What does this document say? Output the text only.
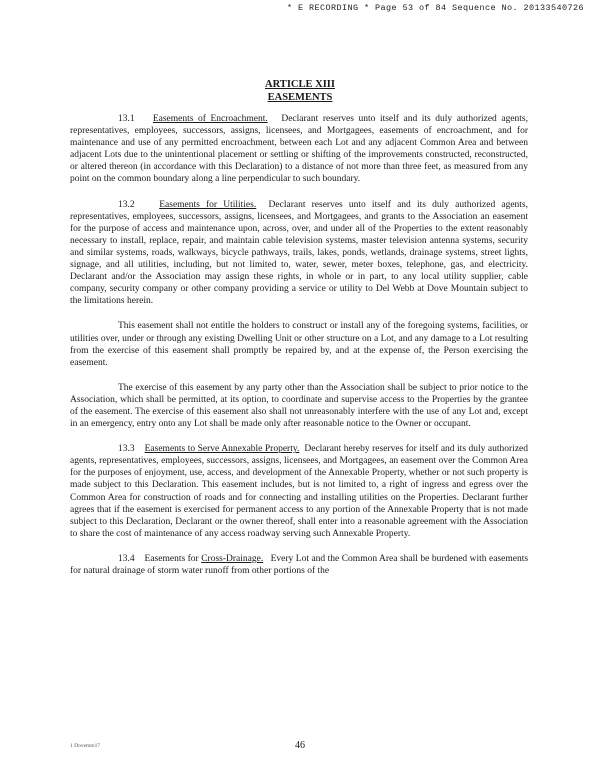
* E RECORDING * Page 53 of 84 Sequence No. 20133540726
ARTICLE XIII
EASEMENTS

13.1 Easements of Encroachment. Declarant reserves unto itself and its duly authorized agents, representatives, employees, successors, assigns, licensees, and Mortgagees, easements of encroachment, and for maintenance and use of any permitted encroachment, between each Lot and any adjacent Common Area and between adjacent Lots due to the unintentional placement or settling or shifting of the improvements constructed, reconstructed, or altered thereon (in accordance with this Declaration) to a distance of not more than three feet, as measured from any point on the common boundary along a line perpendicular to such boundary.

13.2	Easements for Utilities. Declarant reserves unto itself and its duly authorized agents, representatives, employees, successors, assigns, licensees, and Mortgagees, and grants to the Association an easement for the purpose of access and maintenance upon, across, over, and under all of the Properties to the extent reasonably necessary to install, replace, repair, and maintain cable television systems, master television antenna systems, security and similar systems, roads, walkways, bicycle pathways, trails, lakes, ponds, wetlands, drainage systems, street lights, signage, and all utilities, including, but not limited to, water, sewer, meter boxes, telephone, gas, and electricity. Declarant and/or the Association may assign these rights, in whole or in part, to any local utility supplier, cable company, security company or other company providing a service or utility to Del Webb at Dove Mountain subject to the limitations herein.

This easement shall not entitle the holders to construct or install any of the foregoing systems, facilities, or utilities over, under or through any existing Dwelling Unit or other structure on a Lot, and any damage to a Lot resulting from the exercise of this easement shall promptly be repaired by, and at the expense of, the Person exercising the easement.

The exercise of this easement by any party other than the Association shall be subject to prior notice to the Association, which shall be permitted, at its option, to coordinate and supervise access to the Properties by the grantee of the easement. The exercise of this easement also shall not unreasonably interfere with the use of any Lot and, except in an emergency, entry onto any Lot shall be made only after reasonable notice to the Owner or occupant.

13.3 Easements to Serve Annexable Property. Declarant hereby reserves for itself and its duly authorized agents, representatives, employees, successors, assigns, licensees, and Mortgagees, an easement over the Common Area for the purposes of enjoyment, use, access, and development of the Annexable Property, whether or not such property is made subject to this Declaration. This easement includes, but is not limited to, a right of ingress and egress over the Common Area for construction of roads and for connecting and installing utilities on the Properties. Declarant further agrees that if the easement is exercised for permanent access to any portion of the Annexable Property that is not made subject to this Declaration, Declarant or the owner thereof, shall enter into a reasonable agreement with the Association to share the cost of maintenance of any access roadway serving such Annexable Property.

13.4 Easements for Cross-Drainage. Every Lot and the Common Area shall be burdened with easements for natural drainage of storm water runoff from other portions of the

1 Dovemtn17	46
